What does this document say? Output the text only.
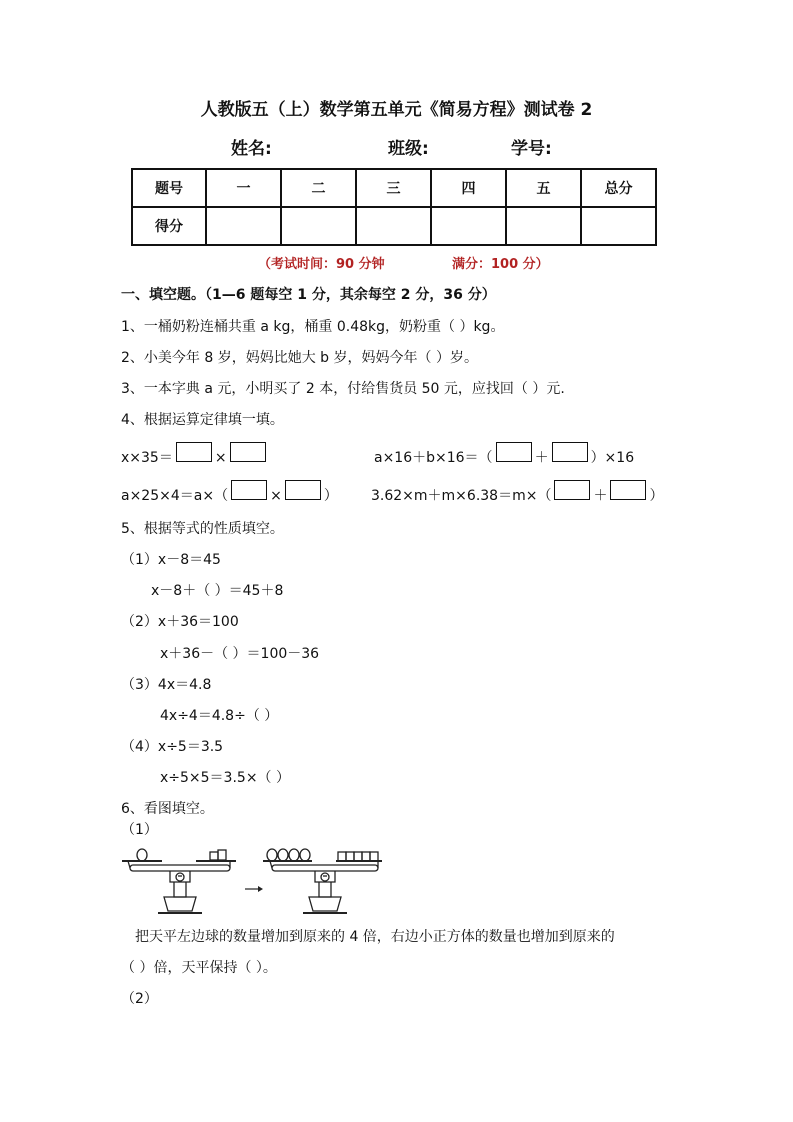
人教版五（上）数学第五单元《简易方程》测试卷 2
姓名:	班级:	学号:
题号	一	二	三	四	五	总分
得分						
（考试时间：90 分钟	满分：100 分）
一、填空题。（1—6 题每空 1 分，其余每空 2 分，36 分）
1、一桶奶粉连桶共重 a kg，桶重 0.48kg，奶粉重（ ）kg。
2、小美今年 8 岁，妈妈比她大 b 岁，妈妈今年（ ）岁。
3、一本字典 a 元，小明买了 2 本，付给售货员 50 元，应找回（ ）元.
4、根据运算定律填一填。
x×35＝	×	a×16＋b×16＝（	＋	）×16
a×25×4＝a×（	×	） 3.62×m＋m×6.38＝m×（	＋	）
5、根据等式的性质填空。
（1）x－8＝45
x－8＋（ ）＝45＋8
（2）x＋36＝100
x＋36－（ ）＝100－36
（3）4x＝4.8
4x÷4＝4.8÷（ ）
（4）x÷5＝3.5
x÷5×5＝3.5×（ ）
6、看图填空。
（1）
把天平左边球的数量增加到原来的 4 倍，右边小正方体的数量也增加到原来的
（ ）倍，天平保持（ ）。
（2）
